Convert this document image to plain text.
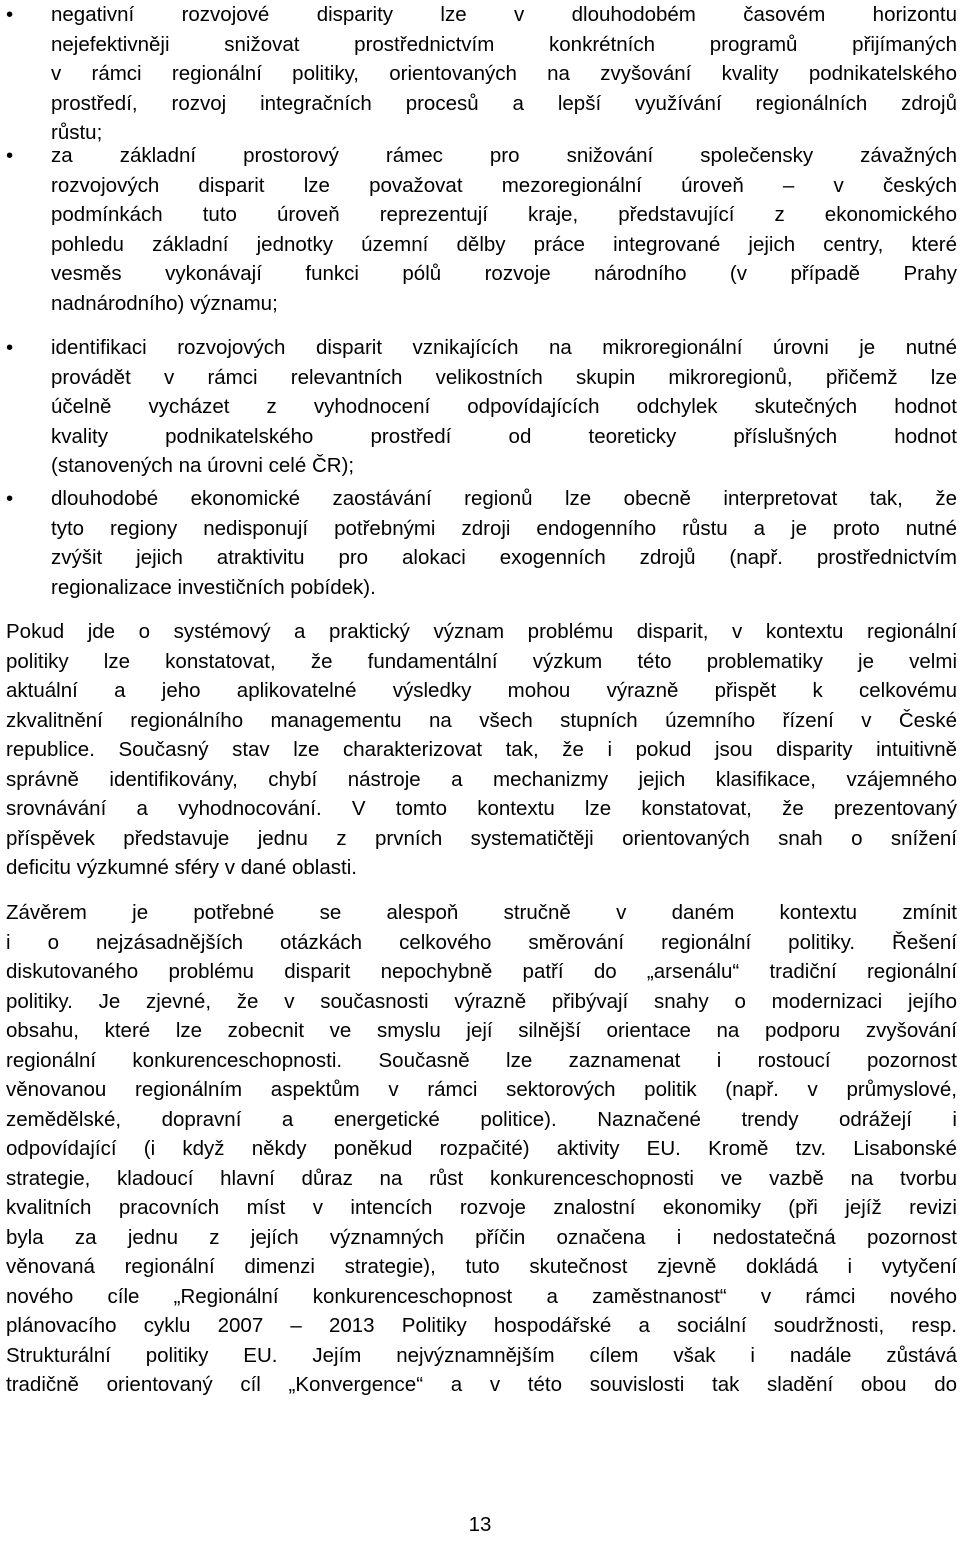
• negativní rozvojové disparity lze v dlouhodobém časovém horizontu
nejefektivněji snižovat prostřednictvím konkrétních programů přijímaných
v rámci regionální politiky, orientovaných na zvyšování kvality podnikatelského
prostředí, rozvoj integračních procesů a lepší využívání regionálních zdrojů
růstu;
• za základní prostorový rámec pro snižování společensky závažných
rozvojových disparit lze považovat mezoregionální úroveň – v českých
podmínkách tuto úroveň reprezentují kraje, představující z ekonomického
pohledu základní jednotky územní dělby práce integrované jejich centry, které
vesměs vykonávají funkci pólů rozvoje národního (v případě Prahy
nadnárodního) významu;
• identifikaci rozvojových disparit vznikajících na mikroregionální úrovni je nutné
provádět v rámci relevantních velikostních skupin mikroregionů, přičemž lze
účelně vycházet z vyhodnocení odpovídajících odchylek skutečných hodnot
kvality podnikatelského prostředí od teoreticky příslušných hodnot
(stanovených na úrovni celé ČR);
• dlouhodobé ekonomické zaostávání regionů lze obecně interpretovat tak, že
tyto regiony nedisponují potřebnými zdroji endogenního růstu a je proto nutné
zvýšit jejich atraktivitu pro alokaci exogenních zdrojů (např. prostřednictvím
regionalizace investičních pobídek).
Pokud jde o systémový a praktický význam problému disparit, v kontextu regionální
politiky lze konstatovat, že fundamentální výzkum této problematiky je velmi
aktuální a jeho aplikovatelné výsledky mohou výrazně přispět k celkovému
zkvalitnění regionálního managementu na všech stupních územního řízení v České
republice. Současný stav lze charakterizovat tak, že i pokud jsou disparity intuitivně
správně identifikovány, chybí nástroje a mechanizmy jejich klasifikace, vzájemného
srovnávání a vyhodnocování. V tomto kontextu lze konstatovat, že prezentovaný
příspěvek představuje jednu z prvních systematičtěji orientovaných snah o snížení
deficitu výzkumné sféry v dané oblasti.
Závěrem je potřebné se alespoň stručně v daném kontextu zmínit
i o nejzásadnějších otázkách celkového směrování regionální politiky. Řešení
diskutovaného problému disparit nepochybně patří do „arsenálu“ tradiční regionální
politiky. Je zjevné, že v současnosti výrazně přibývají snahy o modernizaci jejího
obsahu, které lze zobecnit ve smyslu její silnější orientace na podporu zvyšování
regionální konkurenceschopnosti. Současně lze zaznamenat i rostoucí pozornost
věnovanou regionálním aspektům v rámci sektorových politik (např. v průmyslové,
zemědělské, dopravní a energetické politice). Naznačené trendy odrážejí i
odpovídající (i když někdy poněkud rozpačité) aktivity EU. Kromě tzv. Lisabonské
strategie, kladoucí hlavní důraz na růst konkurenceschopnosti ve vazbě na tvorbu
kvalitních pracovních míst v intencích rozvoje znalostní ekonomiky (při jejíž revizi
byla za jednu z jejích významných příčin označena i nedostatečná pozornost
věnovaná regionální dimenzi strategie), tuto skutečnost zjevně dokládá i vytyčení
nového cíle „Regionální konkurenceschopnost a zaměstnanost“ v rámci nového
plánovacího cyklu 2007 – 2013 Politiky hospodářské a sociální soudržnosti, resp.
Strukturální politiky EU. Jejím nejvýznamnějším cílem však i nadále zůstává
tradičně orientovaný cíl „Konvergence“ a v této souvislosti tak sladění obou do
13
